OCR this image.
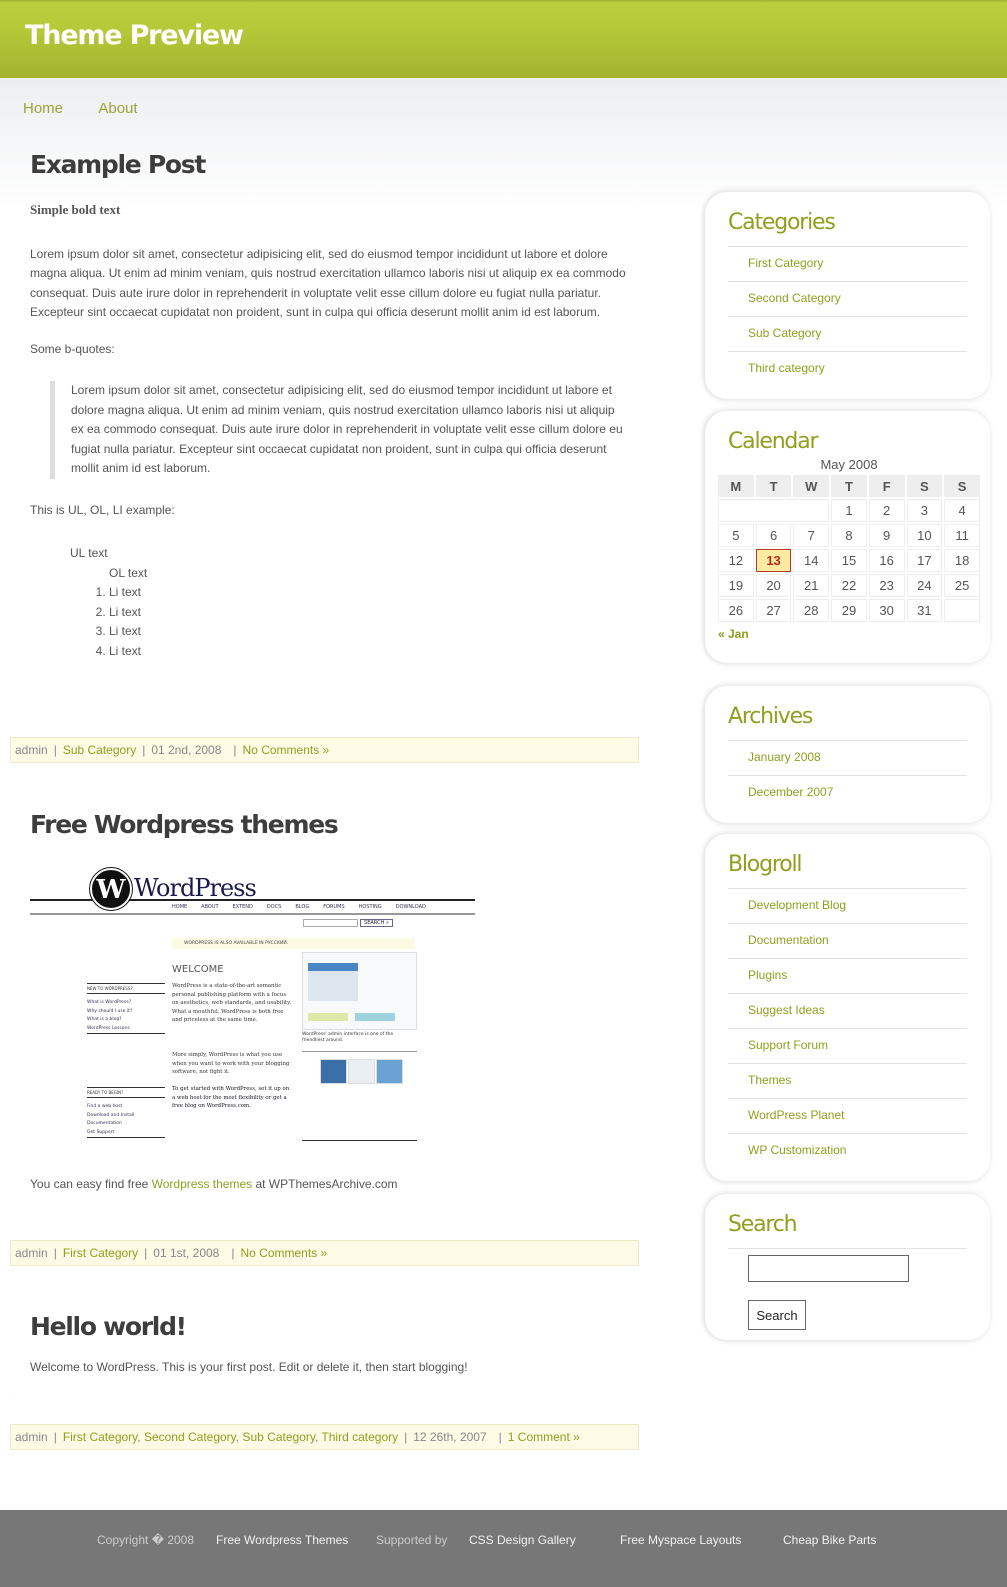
Theme Preview
Home About
Example Post

Simple bold text

Lorem ipsum dolor sit amet, consectetur adipisicing elit, sed do eiusmod tempor incididunt ut labore et dolore magna aliqua. Ut enim ad minim veniam, quis nostrud exercitation ullamco laboris nisi ut aliquip ex ea commodo consequat. Duis aute irure dolor in reprehenderit in voluptate velit esse cillum dolore eu fugiat nulla pariatur. Excepteur sint occaecat cupidatat non proident, sunt in culpa qui officia deserunt mollit anim id est laborum.

Some b-quotes:

Lorem ipsum dolor sit amet, consectetur adipisicing elit, sed do eiusmod tempor incididunt ut labore et dolore magna aliqua. Ut enim ad minim veniam, quis nostrud exercitation ullamco laboris nisi ut aliquip ex ea commodo consequat. Duis aute irure dolor in reprehenderit in voluptate velit esse cillum dolore eu fugiat nulla pariatur. Excepteur sint occaecat cupidatat non proident, sunt in culpa qui officia deserunt mollit anim id est laborum.

This is UL, OL, LI example:

UL text
OL text
1. Li text
2. Li text
3. Li text
4. Li text
admin | Sub Category | 01 2nd, 2008 | No Comments »
Free Wordpress themes

You can easy find free Wordpress themes at WPThemesArchive.com

W WordPress
HOME	ABOUT	EXTEND	DOCS	BLOG	FORUMS	HOSTING	DOWNLOAD
SEARCH »
WORDPRESS IS ALSO AVAILABLE IN РУССКИЙ.
WELCOME
WordPress is a state-of-the-art semantic personal publishing platform with a focus on aesthetics, web standards, and usability. What a mouthful. WordPress is both free and priceless at the same time.
More simply, WordPress is what you use when you want to work with your blogging software, not fight it.
To get started with WordPress, set it up on a web host for the most flexibility or get a free blog on WordPress.com.
NEW TO WORDPRESS?
What is WordPress?
Why should I use it?
What is a blog?
WordPress Lessons
READY TO BEGIN?
Find a web host
Download and Install
Documentation
Get Support
WordPress' admin interface is one of the friendliest around.
admin | First Category | 01 1st, 2008 | No Comments »
Hello world!

Welcome to WordPress. This is your first post. Edit or delete it, then start blogging!

admin | First Category, Second Category, Sub Category, Third category | 12 26th, 2007 | 1 Comment »
Categories
First Category
Second Category
Sub Category
Third category
Calendar
May 2008
M	T	W	T	F	S	S
			1	2	3	4
5	6	7	8	9	10	11
12	13	14	15	16	17	18
19	20	21	22	23	24	25
26	27	28	29	30	31	
« Jan
Archives
January 2008
December 2007
Blogroll
Development Blog
Documentation
Plugins
Suggest Ideas
Support Forum
Themes
WordPress Planet
WP Customization
Search
Search
Copyright � 2008 Free Wordpress Themes Supported by CSS Design Gallery	Free Myspace Layouts	Cheap Bike Parts
